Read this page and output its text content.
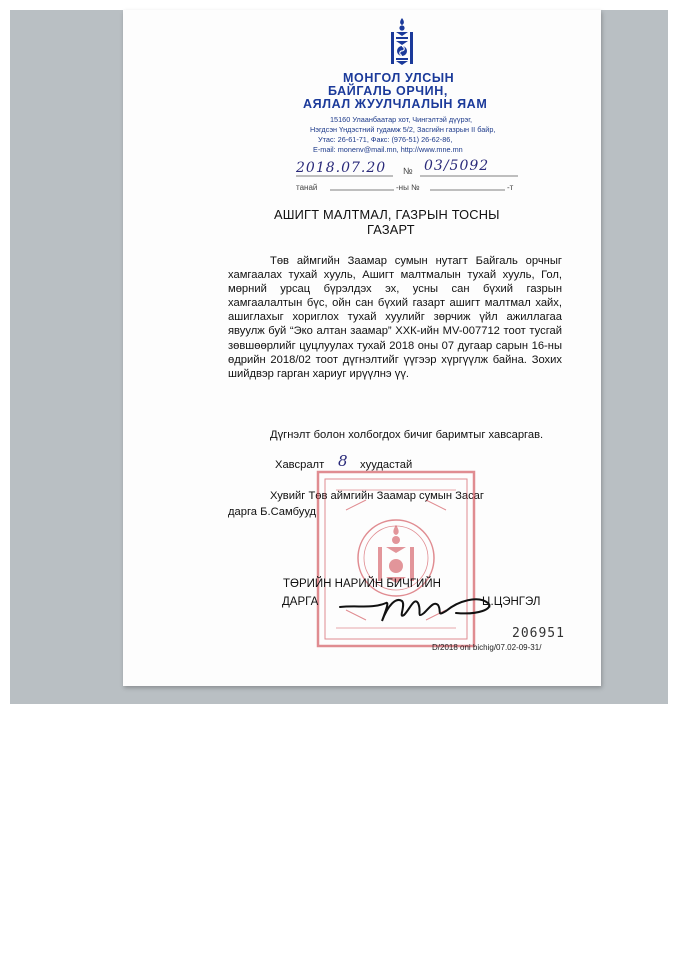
МОНГОЛ УЛСЫН
БАЙГАЛЬ ОРЧИН,
АЯЛАЛ ЖУУЛЧЛАЛЫН ЯАМ
15160 Улаанбаатар хот, Чингэлтэй дүүрэг,
Нэгдсэн Үндэстний гудамж 5/2, Засгийн газрын II байр,
Утас: 26-61-71, Факс: (976-51) 26-62-86,
E-mail: monenv@mail.mn, http://www.mne.mn
2018.07.20 № 03/5092
танай	-ны №	-т
АШИГТ МАЛТМАЛ, ГАЗРЫН ТОСНЫ
ГАЗАРТ
Төв аймгийн Заамар сумын нутагт Байгаль орчныг хамгаалах тухай хууль, Ашигт малтмалын тухай хууль, Гол, мөрний урсац бүрэлдэх эх, усны сан бүхий газрын хамгаалалтын бүс, ойн сан бүхий газарт ашигт малтмал хайх, ашиглахыг хориглох тухай хуулийг зөрчиж үйл ажиллагаа явуулж буй “Эко алтан заамар” ХХК-ийн MV-007712 тоот тусгай зөвшөөрлийг цуцлуулах тухай 2018 оны 07 дугаар сарын 16-ны өдрийн 2018/02 тоот дүгнэлтийг үүгээр хүргүүлж байна. Зохих шийдвэр гарган хариуг ирүүлнэ үү.
Дүгнэлт болон холбогдох бичиг баримтыг хавсаргав.
Хавсралт 8 хуудастай
Хувийг Төв аймгийн Заамар сумын Засаг
дарга Б.Самбууд
ТӨРИЙН НАРИЙН БИЧГИЙН
ДАРГА	Ц.ЦЭНГЭЛ
206951
D/2018 oni bichig/07.02-09-31/
